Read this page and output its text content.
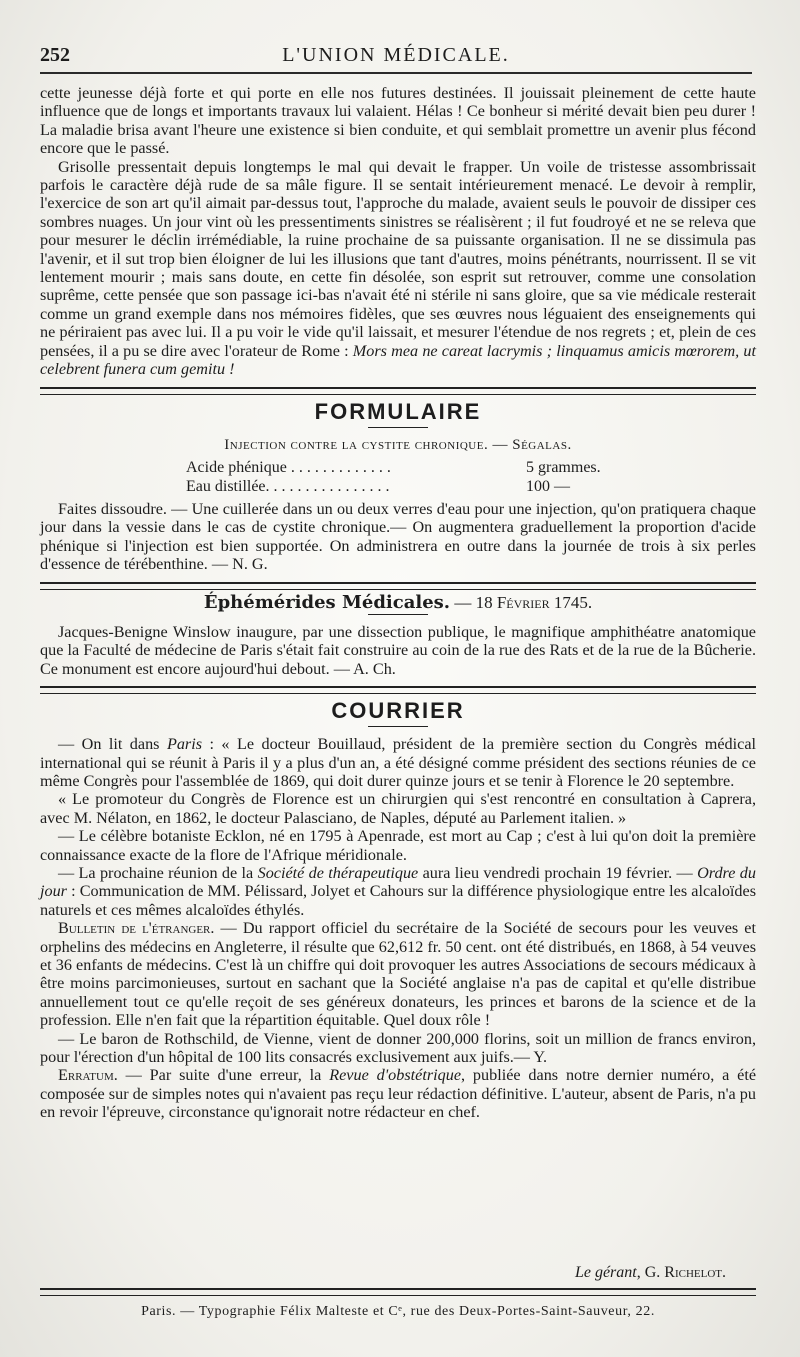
252	L'UNION MÉDICALE.

cette jeunesse déjà forte et qui porte en elle nos futures destinées. Il jouissait pleinement de cette haute influence que de longs et importants travaux lui valaient. Hélas ! Ce bonheur si mérité devait bien peu durer ! La maladie brisa avant l'heure une existence si bien conduite, et qui semblait promettre un avenir plus fécond encore que le passé.

Grisolle pressentait depuis longtemps le mal qui devait le frapper. Un voile de tristesse assombrissait parfois le caractère déjà rude de sa mâle figure. Il se sentait intérieurement menacé. Le devoir à remplir, l'exercice de son art qu'il aimait par-dessus tout, l'approche du malade, avaient seuls le pouvoir de dissiper ces sombres nuages. Un jour vint où les pressentiments sinistres se réalisèrent ; il fut foudroyé et ne se releva que pour mesurer le déclin irrémédiable, la ruine prochaine de sa puissante organisation. Il ne se dissimula pas l'avenir, et il sut trop bien éloigner de lui les illusions que tant d'autres, moins pénétrants, nourrissent. Il se vit lentement mourir ; mais sans doute, en cette fin désolée, son esprit sut retrouver, comme une consolation suprême, cette pensée que son passage ici-bas n'avait été ni stérile ni sans gloire, que sa vie médicale resterait comme un grand exemple dans nos mémoires fidèles, que ses œuvres nous léguaient des enseignements qui ne périraient pas avec lui. Il a pu voir le vide qu'il laissait, et mesurer l'étendue de nos regrets ; et, plein de ces pensées, il a pu se dire avec l'orateur de Rome : Mors mea ne careat lacrymis ; linquamus amicis mœrorem, ut celebrent funera cum gemitu !

FORMULAIRE
Injection contre la cystite chronique. — Ségalas.
Acide phénique . . . . . . . . . . . . .	5 grammes.
Eau distillée. . . . . . . . . . . . . . . .	100 —

Faites dissoudre. — Une cuillerée dans un ou deux verres d'eau pour une injection, qu'on pratiquera chaque jour dans la vessie dans le cas de cystite chronique.— On augmentera graduellement la proportion d'acide phénique si l'injection est bien supportée. On administrera en outre dans la journée de trois à six perles d'essence de térébenthine. — N. G.

Éphémérides Médicales. — 18 Février 1745.

Jacques-Benigne Winslow inaugure, par une dissection publique, le magnifique amphithéatre anatomique que la Faculté de médecine de Paris s'était fait construire au coin de la rue des Rats et de la rue de la Bûcherie. Ce monument est encore aujourd'hui debout. — A. Ch.

COURRIER

— On lit dans Paris : « Le docteur Bouillaud, président de la première section du Congrès médical international qui se réunit à Paris il y a plus d'un an, a été désigné comme président des sections réunies de ce même Congrès pour l'assemblée de 1869, qui doit durer quinze jours et se tenir à Florence le 20 septembre.

« Le promoteur du Congrès de Florence est un chirurgien qui s'est rencontré en consultation à Caprera, avec M. Nélaton, en 1862, le docteur Palasciano, de Naples, député au Parlement italien. »

— Le célèbre botaniste Ecklon, né en 1795 à Apenrade, est mort au Cap ; c'est à lui qu'on doit la première connaissance exacte de la flore de l'Afrique méridionale.

— La prochaine réunion de la Société de thérapeutique aura lieu vendredi prochain 19 février. — Ordre du jour : Communication de MM. Pélissard, Jolyet et Cahours sur la différence physiologique entre les alcaloïdes naturels et ces mêmes alcaloïdes éthylés.

Bulletin de l'étranger. — Du rapport officiel du secrétaire de la Société de secours pour les veuves et orphelins des médecins en Angleterre, il résulte que 62,612 fr. 50 cent. ont été distribués, en 1868, à 54 veuves et 36 enfants de médecins. C'est là un chiffre qui doit provoquer les autres Associations de secours médicaux à être moins parcimonieuses, surtout en sachant que la Société anglaise n'a pas de capital et qu'elle distribue annuellement tout ce qu'elle reçoit de ses généreux donateurs, les princes et barons de la science et de la profession. Elle n'en fait que la répartition équitable. Quel doux rôle !

— Le baron de Rothschild, de Vienne, vient de donner 200,000 florins, soit un million de francs environ, pour l'érection d'un hôpital de 100 lits consacrés exclusivement aux juifs.— Y.

Erratum. — Par suite d'une erreur, la Revue d'obstétrique, publiée dans notre dernier numéro, a été composée sur de simples notes qui n'avaient pas reçu leur rédaction définitive. L'auteur, absent de Paris, n'a pu en revoir l'épreuve, circonstance qu'ignorait notre rédacteur en chef.

Le gérant, G. Richelot.
Paris. — Typographie Félix Malteste et Cᵉ, rue des Deux-Portes-Saint-Sauveur, 22.
